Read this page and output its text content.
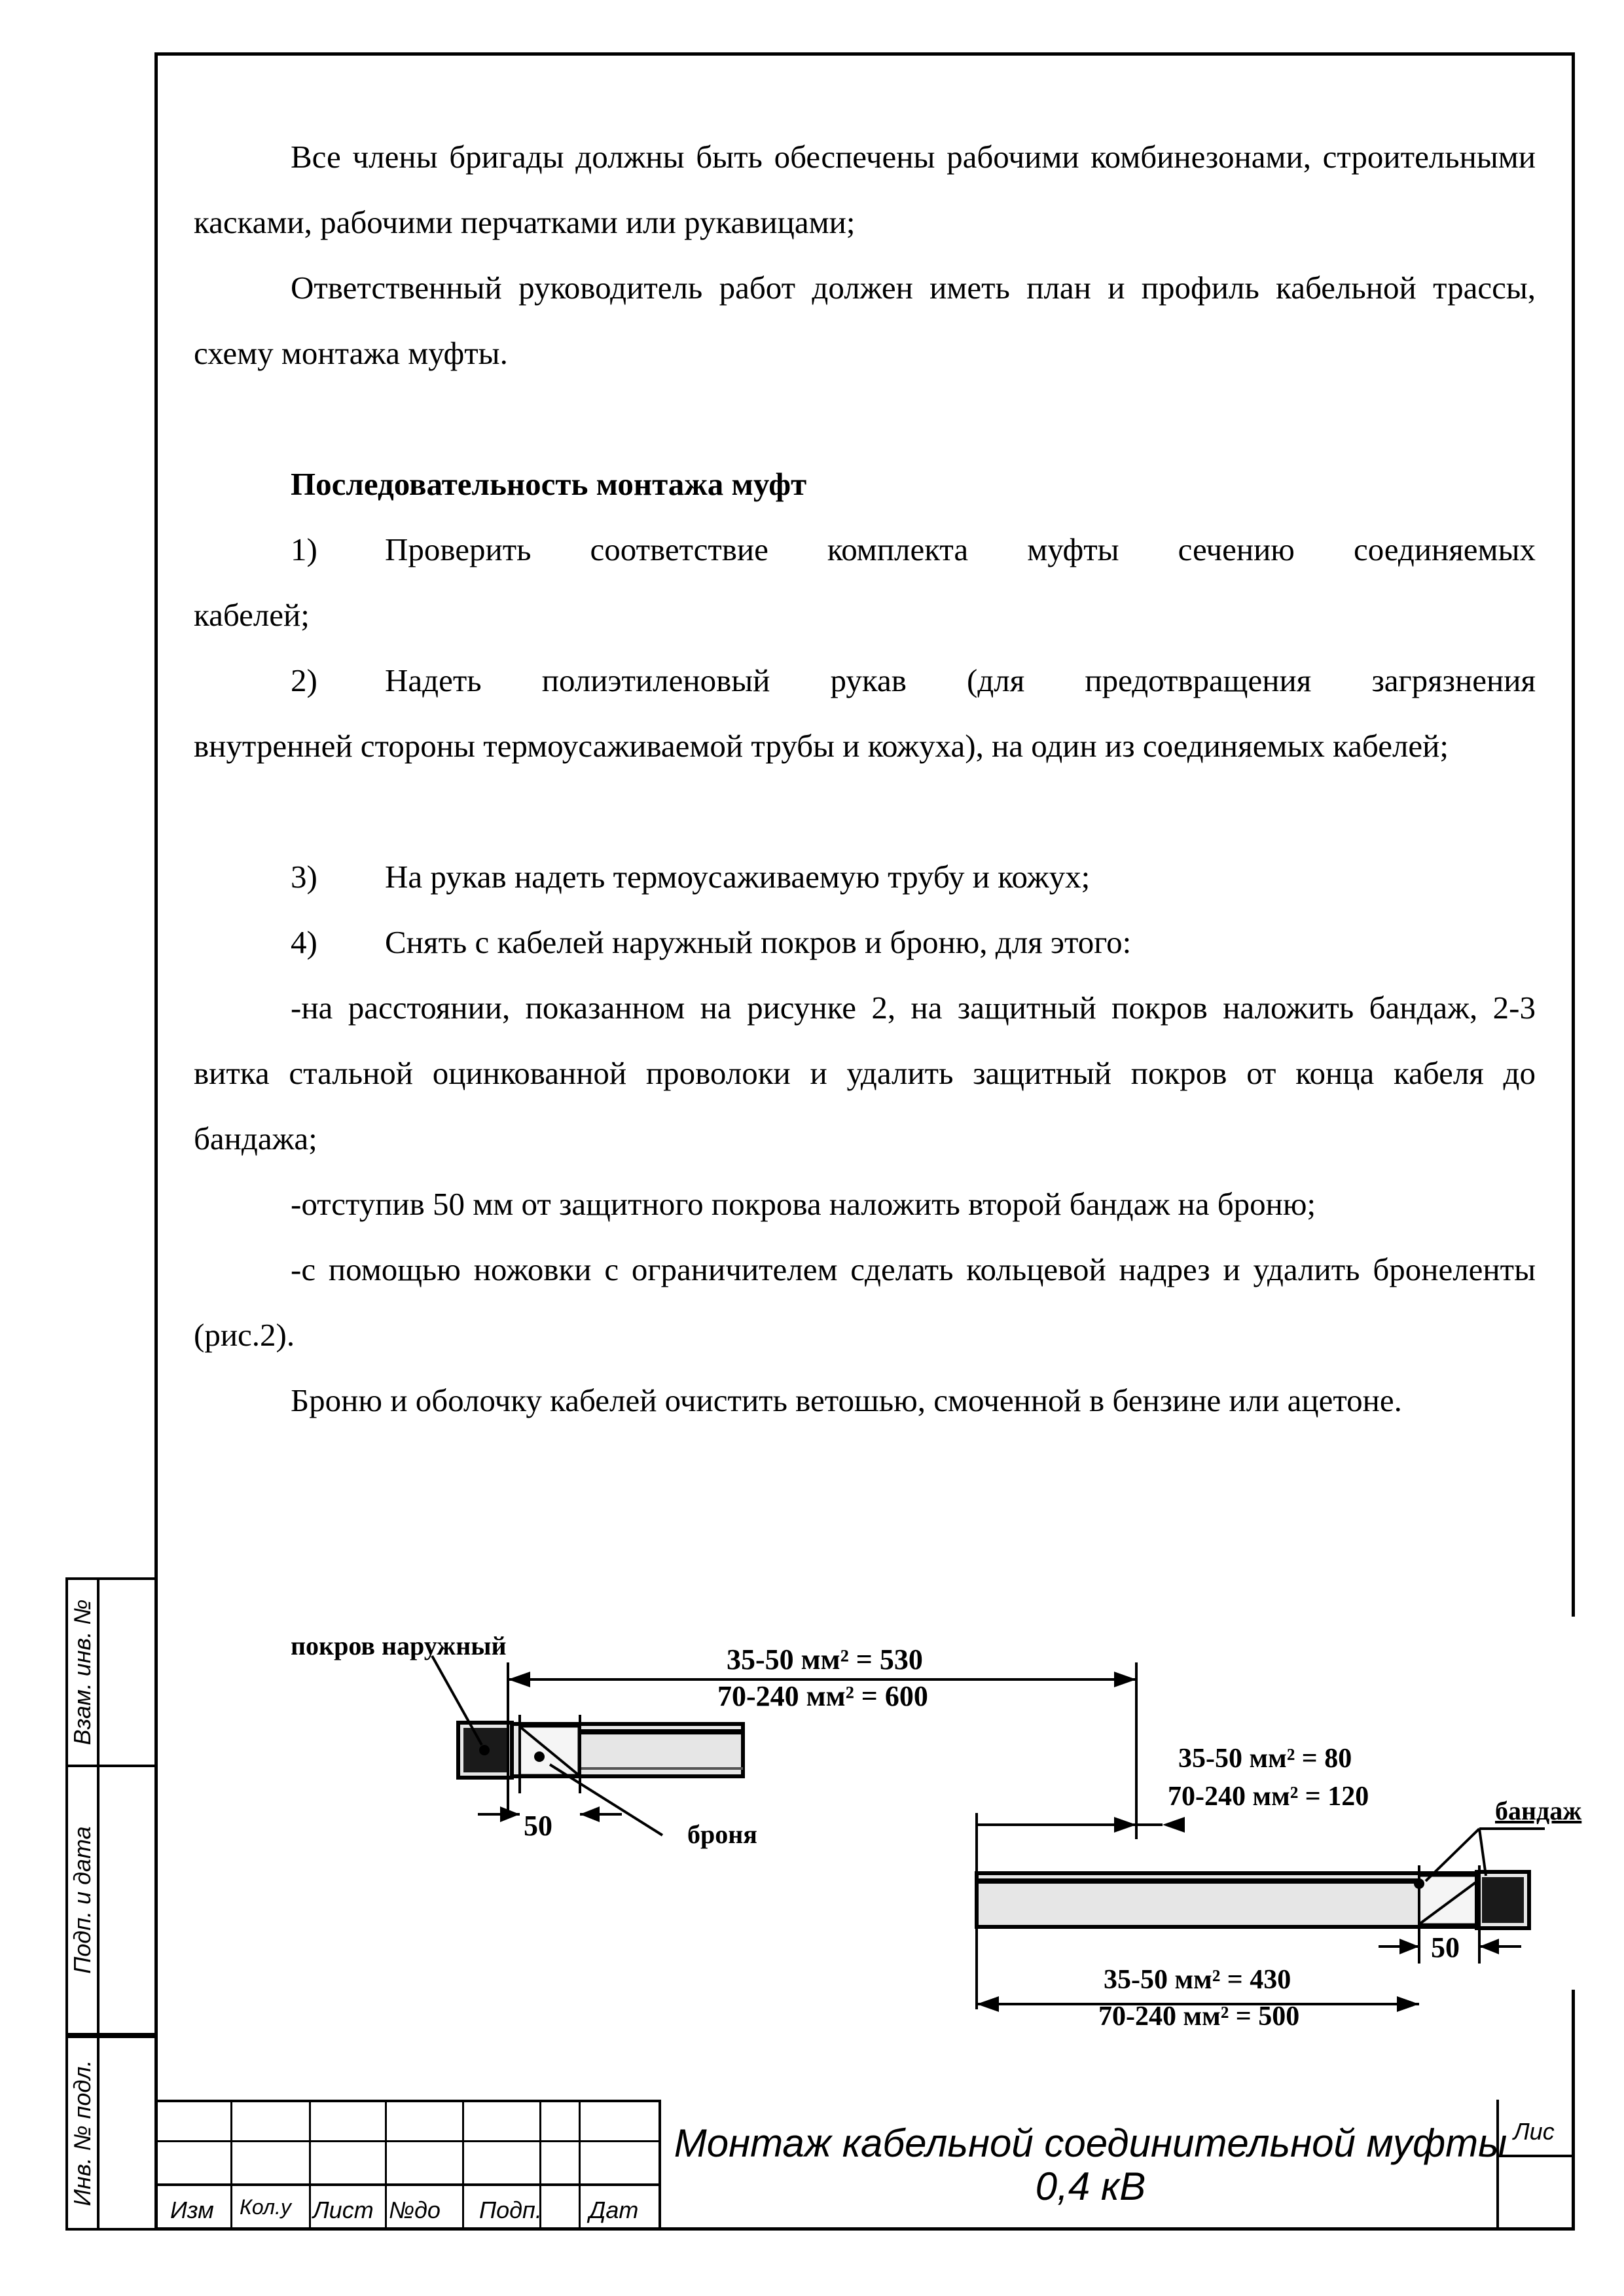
Все члены бригады должны быть обеспечены рабочими комбинезонами, строительными касками, рабочими перчатками или рукавицами;
Ответственный руководитель работ должен иметь план и профиль кабельной трассы, схему монтажа муфты.
Последовательность монтажа муфт
1)	Проверить соответствие комплекта муфты сечению соединяемых
кабелей;
2)	Надеть полиэтиленовый рукав (для предотвращения загрязнения
внутренней стороны термоусаживаемой трубы и кожуха), на один из соединяемых кабелей;
3)	На рукав надеть термоусаживаемую трубу и кожух;
4)	Снять с кабелей наружный покров и броню, для этого:
-на расстоянии, показанном на рисунке 2, на защитный покров наложить бандаж, 2-3 витка стальной оцинкованной проволоки и удалить защитный покров от конца кабеля до бандажа;
-отступив 50 мм от защитного покрова наложить второй бандаж на броню;
-с помощью ножовки с ограничителем сделать кольцевой надрез и удалить бронеленты (рис.2).
Броню и оболочку кабелей очистить ветошью, смоченной в бензине или ацетоне.
покров наружный
броня
бандаж
35-50 мм² = 530
70-240 мм² = 600
35-50 мм² = 80
70-240 мм² = 120
50
50
35-50 мм² = 430
70-240 мм² = 500
Взам. инв. №
Подп. и дата
Инв. № подл.
Изм Кол.у Лист №до Подп. Дат
Монтаж кабельной соединительной муфты
0,4 кВ
Лис
